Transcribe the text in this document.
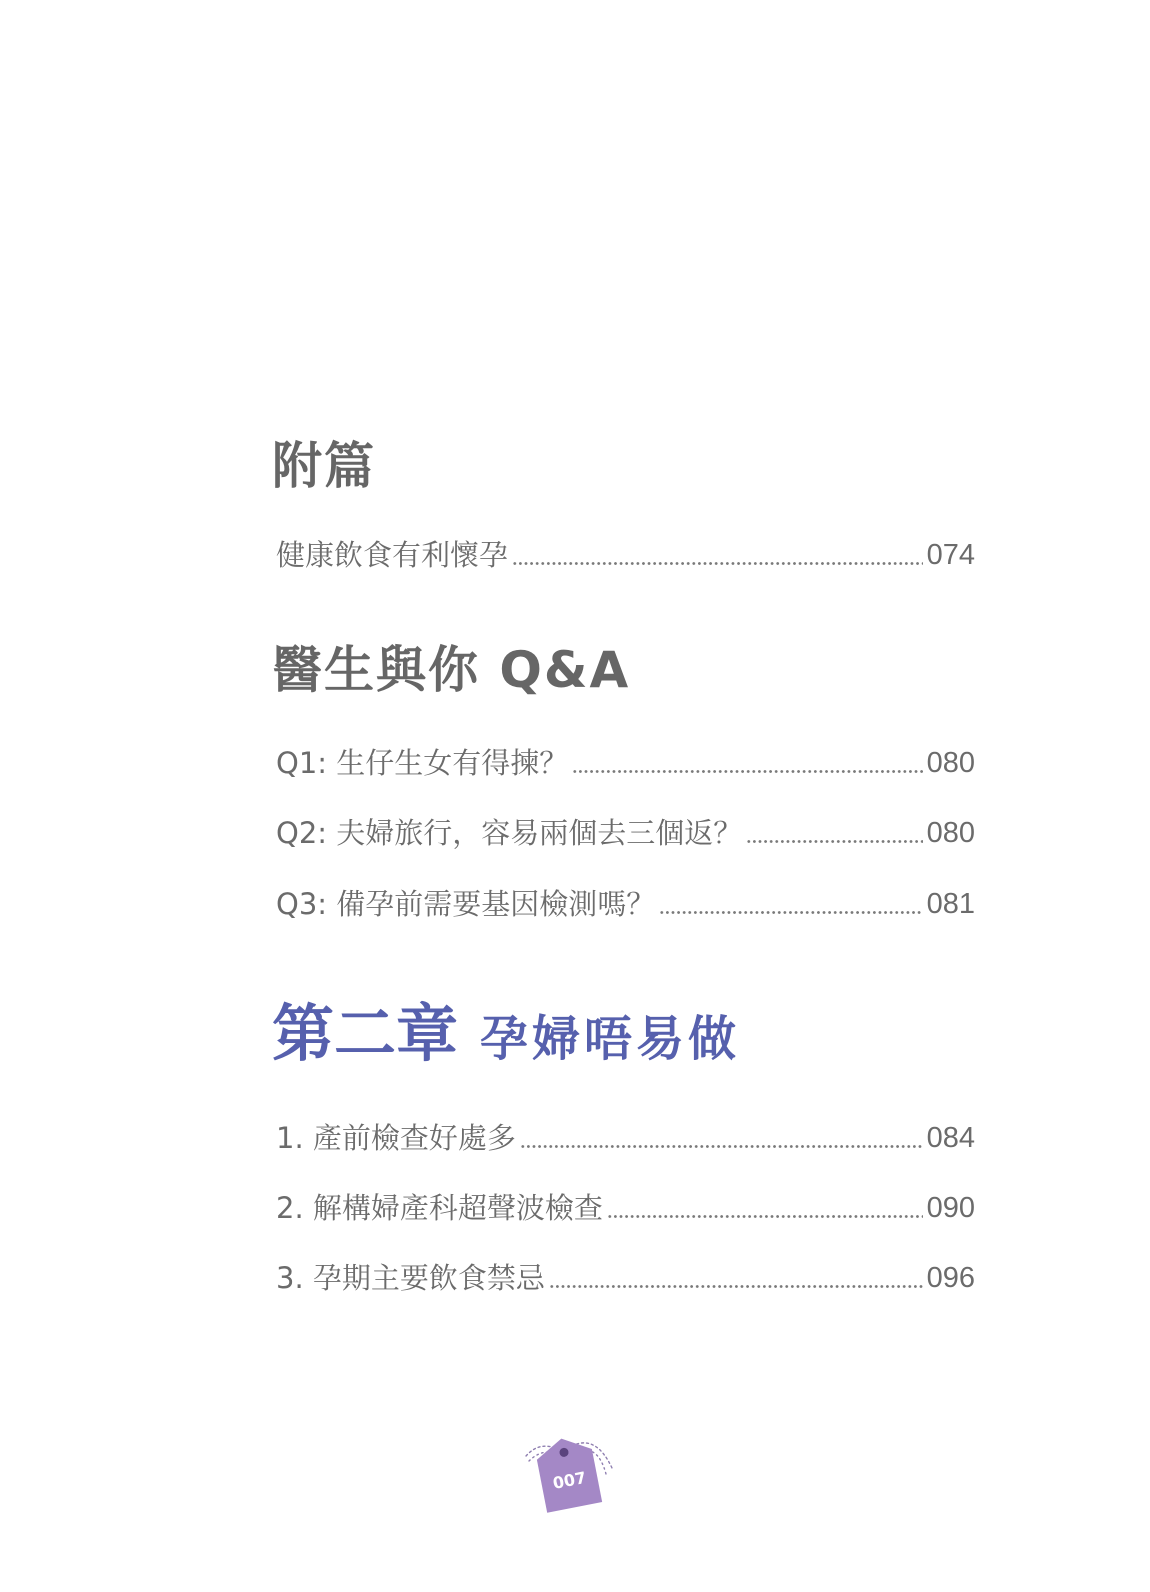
附篇
健康飲食有利懷孕	074
醫生與你 Q&A
Q1: 生仔生女有得揀？	080
Q2: 夫婦旅行，容易兩個去三個返？	080
Q3: 備孕前需要基因檢測嗎？	081
第二章 孕婦唔易做
1. 產前檢查好處多	084
2. 解構婦產科超聲波檢查	090
3. 孕期主要飲食禁忌	096
007
